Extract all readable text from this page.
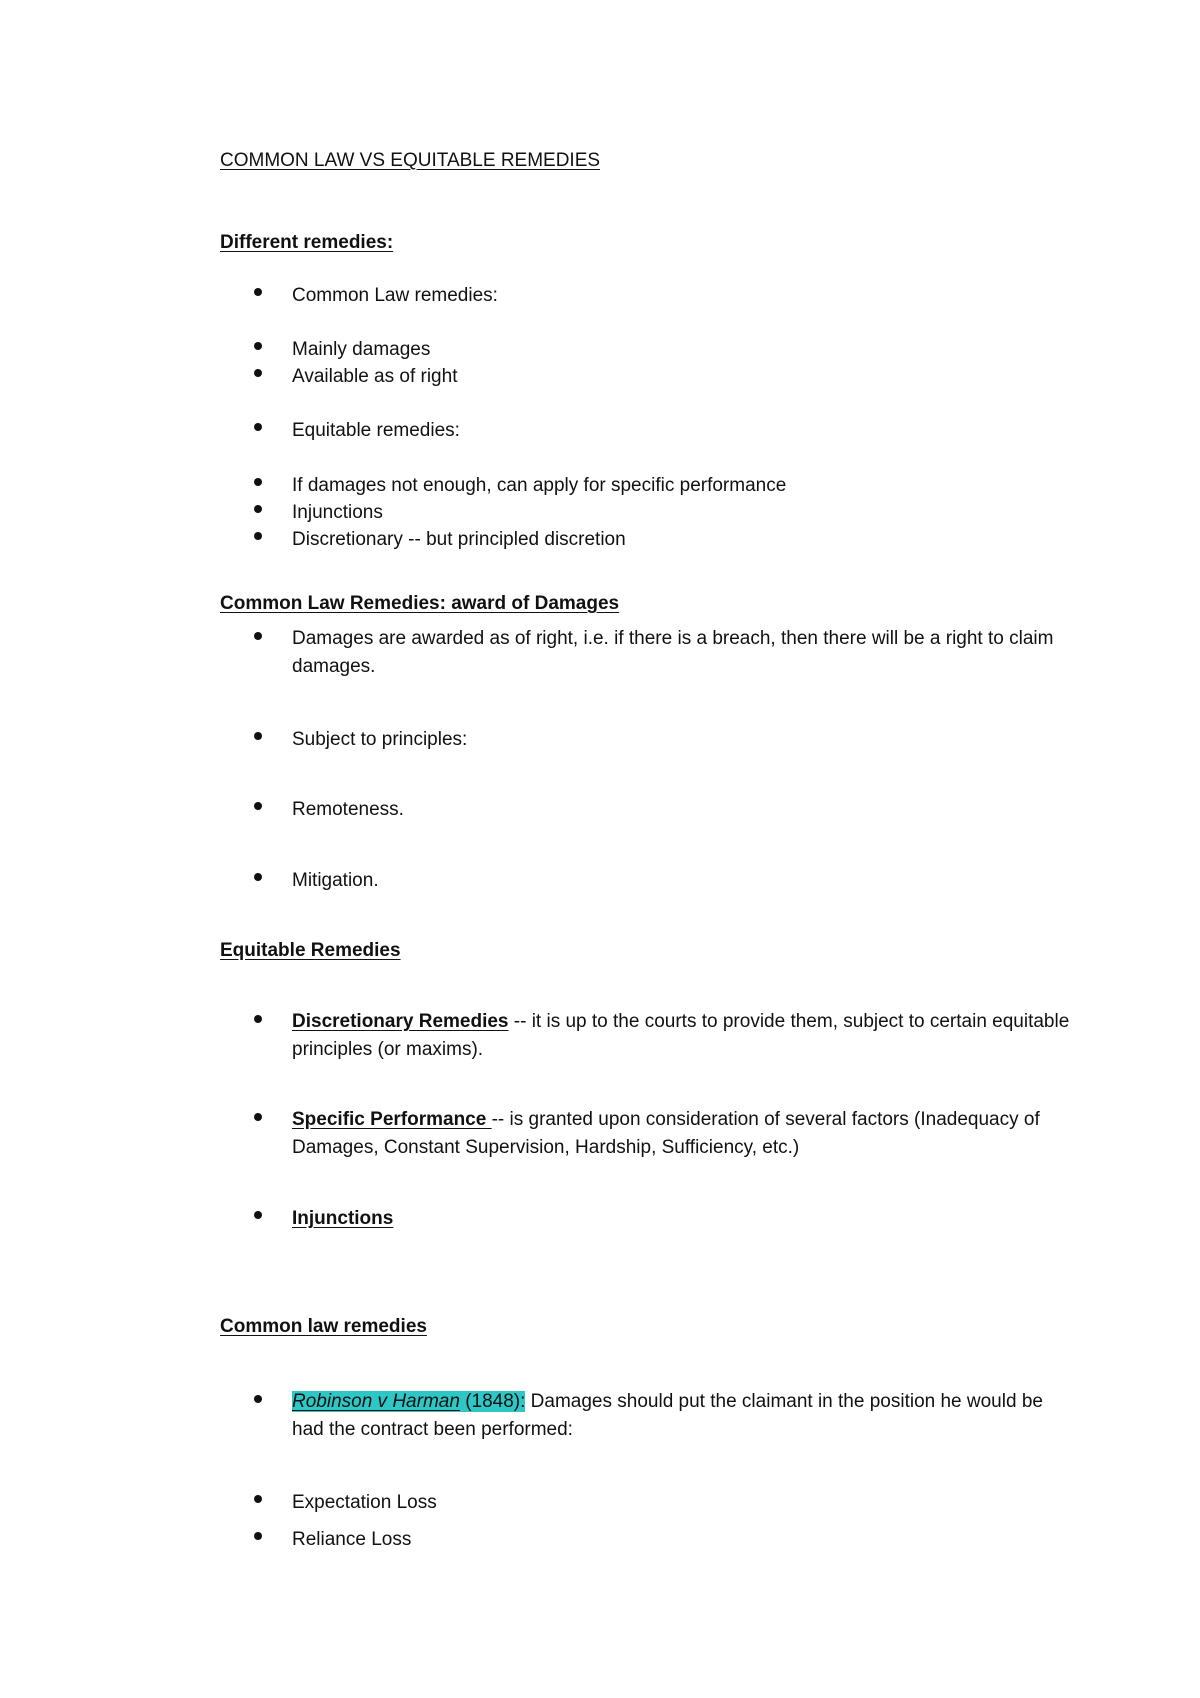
COMMON LAW VS EQUITABLE REMEDIES
Different remedies:
Common Law remedies:
Mainly damages
Available as of right
Equitable remedies:
If damages not enough, can apply for specific performance
Injunctions
Discretionary -- but principled discretion
Common Law Remedies: award of Damages
Damages are awarded as of right, i.e. if there is a breach, then there will be a right to claim damages.
Subject to principles:
Remoteness.
Mitigation.
Equitable Remedies
Discretionary Remedies -- it is up to the courts to provide them, subject to certain equitable principles (or maxims).
Specific Performance -- is granted upon consideration of several factors (Inadequacy of Damages, Constant Supervision, Hardship, Sufficiency, etc.)
Injunctions
Common law remedies
Robinson v Harman (1848): Damages should put the claimant in the position he would be had the contract been performed:
Expectation Loss
Reliance Loss
